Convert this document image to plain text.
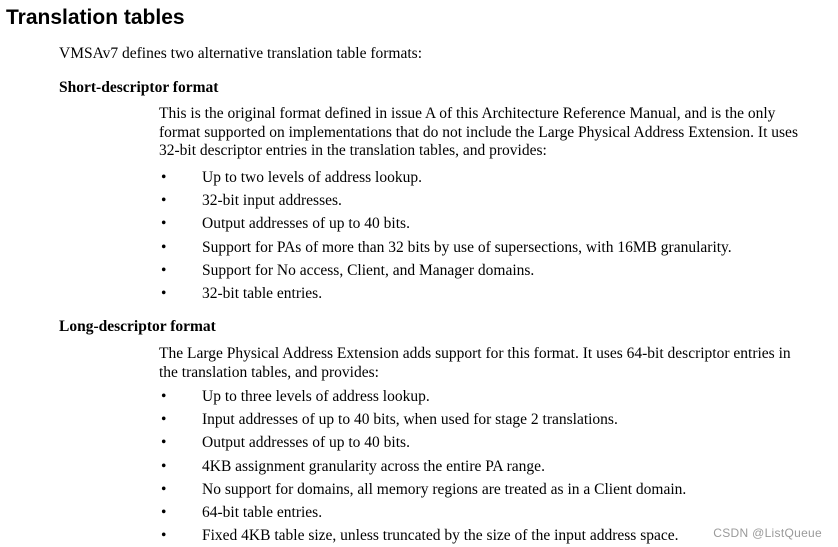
Translation tables

VMSAv7 defines two alternative translation table formats:

Short-descriptor format

This is the original format defined in issue A of this Architecture Reference Manual, and is the only format supported on implementations that do not include the Large Physical Address Extension. It uses 32-bit descriptor entries in the translation tables, and provides:

• Up to two levels of address lookup.
• 32-bit input addresses.
• Output addresses of up to 40 bits.
• Support for PAs of more than 32 bits by use of supersections, with 16MB granularity.
• Support for No access, Client, and Manager domains.
• 32-bit table entries.
Long-descriptor format

The Large Physical Address Extension adds support for this format. It uses 64-bit descriptor entries in the translation tables, and provides:

• Up to three levels of address lookup.
• Input addresses of up to 40 bits, when used for stage 2 translations.
• Output addresses of up to 40 bits.
• 4KB assignment granularity across the entire PA range.
• No support for domains, all memory regions are treated as in a Client domain.
• 64-bit table entries.
• Fixed 4KB table size, unless truncated by the size of the input address space.	CSDN @ListQueue
